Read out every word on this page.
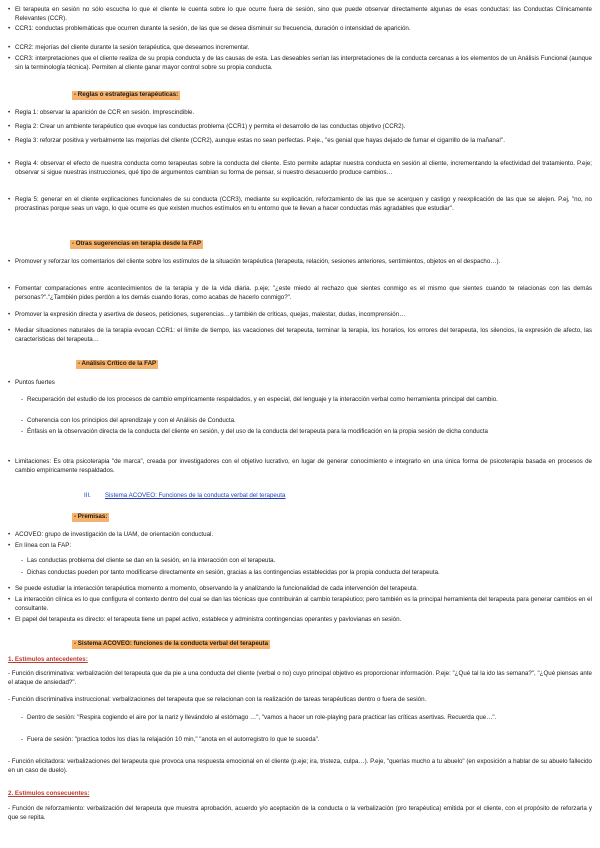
• El terapeuta en sesión no sólo escucha lo que el cliente le cuenta sobre lo que ocurre fuera de sesión, sino que puede observar directamente algunas de esas conductas: las Conductas Clínicamente Relevantes (CCR).
• CCR1: conductas problemáticas que ocurren durante la sesión, de las que se desea disminuir su frecuencia, duración o intensidad de aparición.
• CCR2: mejorías del cliente durante la sesión terapéutica, que deseamos incrementar.
• CCR3: interpretaciones que el cliente realiza de su propia conducta y de las causas de esta. Las deseables serían las interpretaciones de la conducta cercanas a los elementos de un Análisis Funcional (aunque sin la terminología técnica). Permiten al cliente ganar mayor control sobre su propia conducta.
- Reglas o estrategias terapéuticas:
• Regla 1: observar la aparición de CCR en sesión. Imprescindible.
• Regla 2: Crear un ambiente terapéutico que evoque las conductas problema (CCR1) y permita el desarrollo de las conductas objetivo (CCR2).
• Regla 3: reforzar positiva y verbalmente las mejorías del cliente (CCR2), aunque estas no sean perfectas. P.eje., "es genial que hayas dejado de fumar el cigarrillo de la mañana!".
• Regla 4: observar el efecto de nuestra conducta como terapeutas sobre la conducta del cliente. Esto permite adaptar nuestra conducta en sesión al cliente, incrementando la efectividad del tratamiento. P.eje; observar si sigue nuestras instrucciones, qué tipo de argumentos cambian su forma de pensar, si nuestro desacuerdo produce cambios…
• Regla 5: generar en el cliente explicaciones funcionales de su conducta (CCR3), mediante su explicación, reforzamiento de las que se acerquen y castigo y reexplicación de las que se alejen. P.ej, "no, no procrastinas porque seas un vago, lo que ocurre es que existen muchos estímulos en tu entorno que te llevan a hacer conductas más agradables que estudiar".
- Otras sugerencias en terapia desde la FAP
• Promover y reforzar los comentarios del cliente sobre los estímulos de la situación terapéutica (terapeuta, relación, sesiones anteriores, sentimientos, objetos en el despacho…).
• Fomentar comparaciones entre acontecimientos de la terapia y de la vida diaria. p.eje; "¿este miedo al rechazo que sientes conmigo es el mismo que sientes cuando te relacionas con las demás personas?"."¿También pides perdón a los demás cuando lloras, como acabas de hacerlo conmigo?".
• Promover la expresión directa y asertiva de deseos, peticiones, sugerencias…y también de críticas, quejas, malestar, dudas, incomprensión…
• Mediar situaciones naturales de la terapia evocan CCR1: el límite de tiempo, las vacaciones del terapeuta, terminar la terapia, los horarios, los errores del terapeuta, los silencios, la expresión de afecto, las características del terapeuta…
- Análisis Crítico de la FAP
• Puntos fuertes
- Recuperación del estudio de los procesos de cambio empíricamente respaldados, y en especial, del lenguaje y la interacción verbal como herramienta principal del cambio.
- Coherencia con los principios del aprendizaje y con el Análisis de Conducta.
- Énfasis en la observación directa de la conducta del cliente en sesión, y del uso de la conducta del terapeuta para la modificación en la propia sesión de dicha conducta
• Limitaciones: Es otra psicoterapia "de marca", creada por investigadores con el objetivo lucrativo, en lugar de generar conocimiento e integrarlo en una única forma de psicoterapia basada en procesos de cambio empíricamente respaldados.
III. Sistema ACOVEO: Funciones de la conducta verbal del terapeuta
- Premisas:
• ACOVEO: grupo de investigación de la UAM, de orientación conductual.
• En línea con la FAP:
- Las conductas problema del cliente se dan en la sesión, en la interacción con el terapeuta.
- Dichas conductas pueden por tanto modificarse directamente en sesión, gracias a las contingencias establecidas por la propia conducta del terapeuta.
• Se puede estudiar la interacción terapéutica momento a momento, observando la y analizando la funcionalidad de cada intervención del terapeuta.
• La interacción clínica es lo que configura el contexto dentro del cual se dan las técnicas que contribuirán al cambio terapéutico; pero también es la principal herramienta del terapeuta para generar cambios en el consultante.
• El papel del terapeuta es directo: el terapeuta tiene un papel activo, establece y administra contingencias operantes y pavlovianas en sesión.
- Sistema ACOVEO: funciones de la conducta verbal del terapeuta
1. Estímulos antecedentes:
- Función discriminativa: verbalización del terapeuta que da pie a una conducta del cliente (verbal o no) cuyo principal objetivo es proporcionar información. P.eje: "¿Qué tal la ido las semana?", "¿Qué piensas ante el ataque de ansiedad?".
- Función discriminativa instruccional: verbalizaciones del terapeuta que se relacionan con la realización de tareas terapéuticas dentro o fuera de sesión.
- Dentro de sesión: "Respira cogiendo el aire por la nariz y llevándolo al estómago …", "vamos a hacer un role-playing para practicar las críticas asertivas. Recuerda que…".
- Fuera de sesión: "practica todos los días la relajación 10 min," "anota en el autorregistro lo que te suceda".
- Función elicitadora: verbalizaciones del terapeuta que provoca una respuesta emocional en el cliente (p.eje; ira, tristeza, culpa…). P.eje, "querías mucho a tu abuelo" (en exposición a hablar de su abuelo fallecido en un caso de duelo).
2. Estímulos consecuentes:
- Función de reforzamiento: verbalización del terapeuta que muestra aprobación, acuerdo y/o aceptación de la conducta o la verbalización (pro terapéutica) emitida por el cliente, con el propósito de reforzarla y que se repita.
